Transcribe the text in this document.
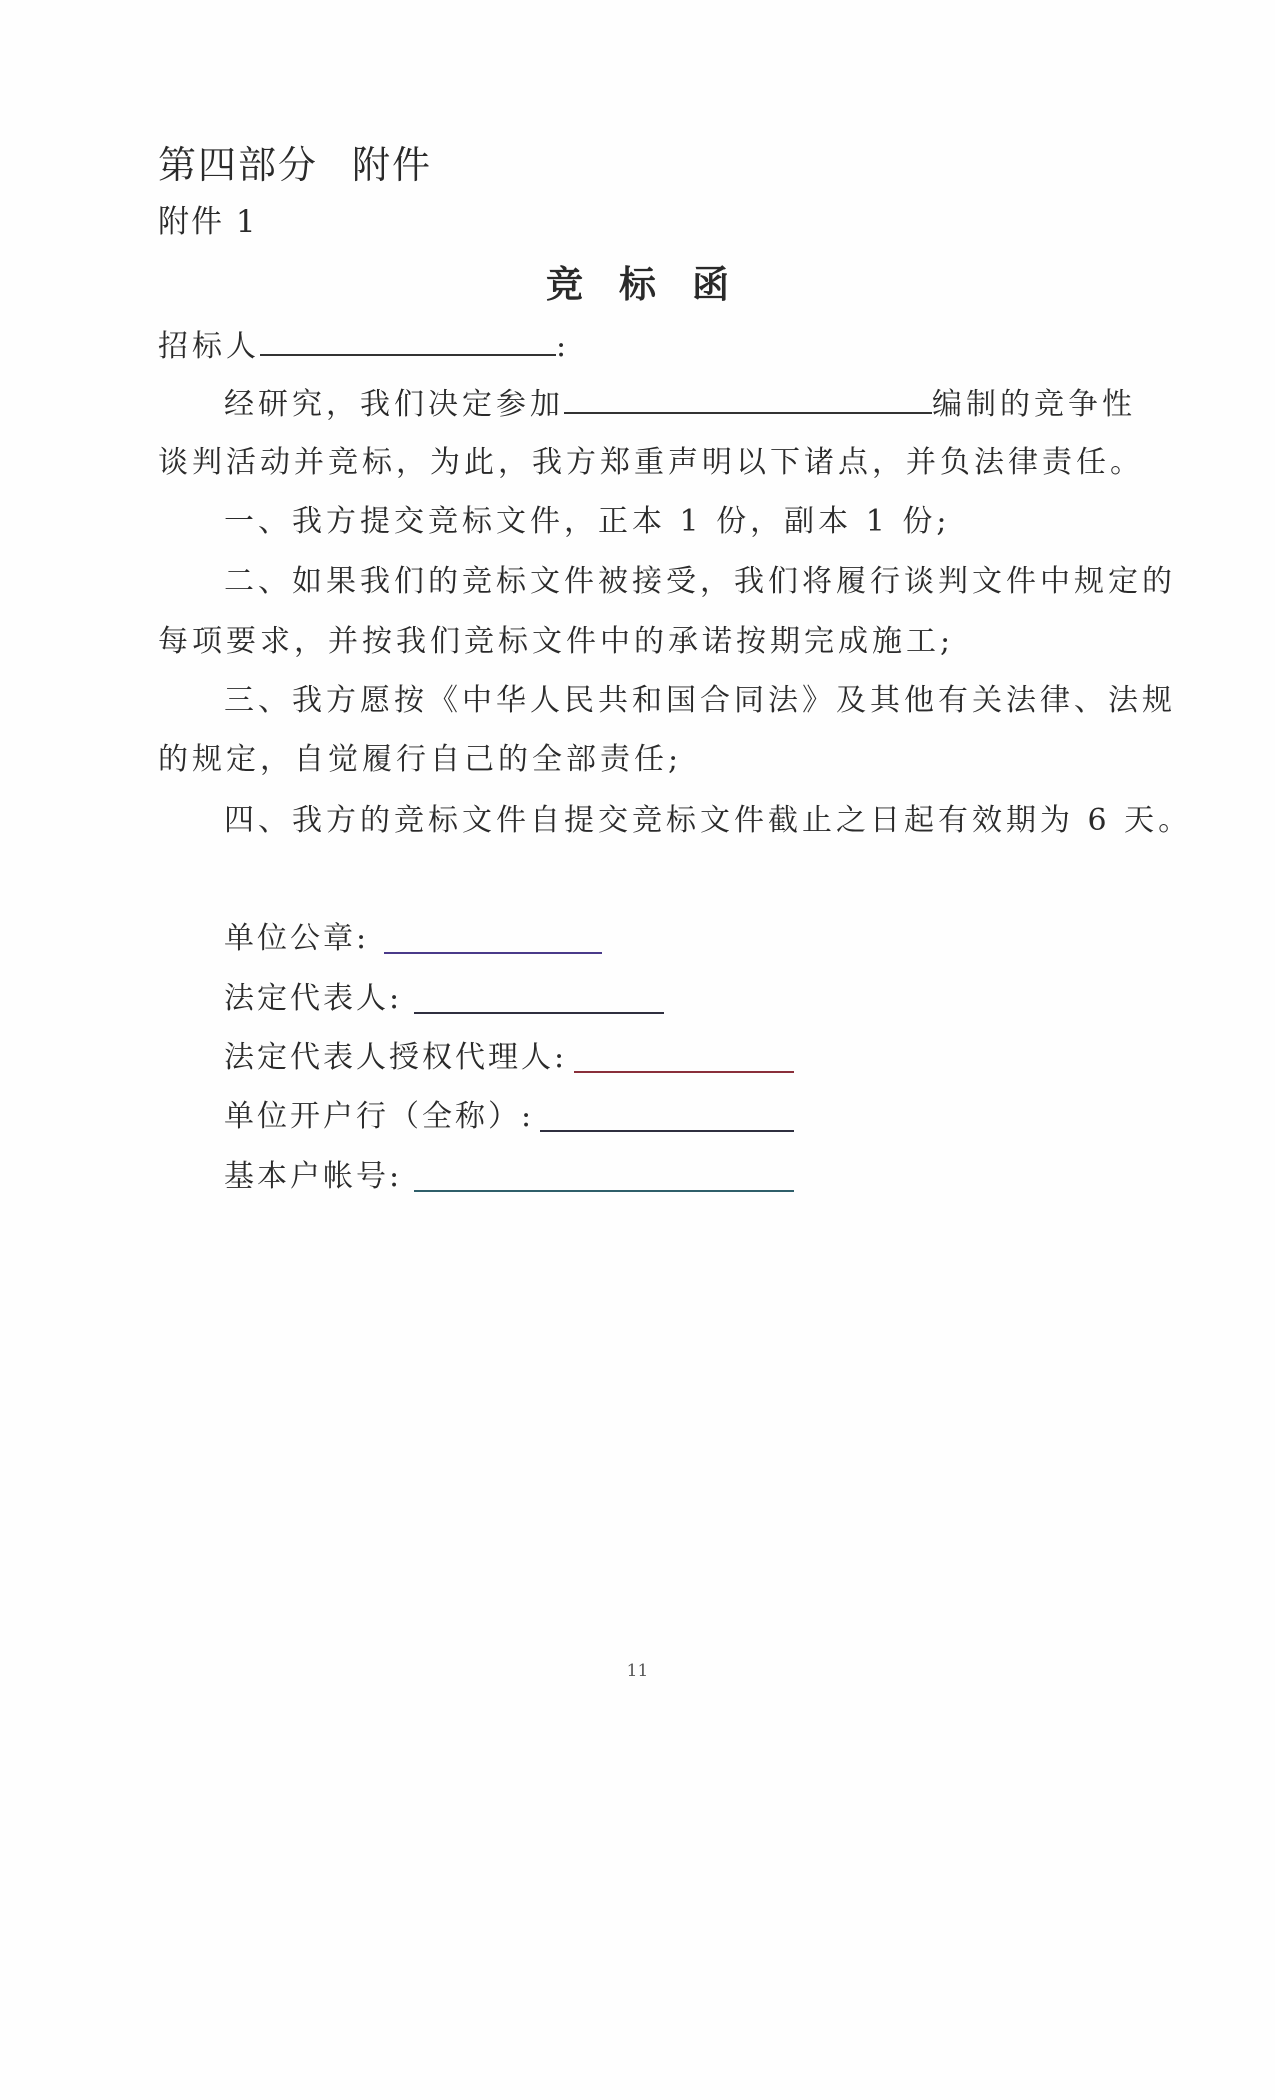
第四部分 附件
附件 1
竞标函
招标人	:
经研究，我们决定参加	编制的竞争性
谈判活动并竞标，为此，我方郑重声明以下诸点，并负法律责任。
一、我方提交竞标文件，正本 1 份，副本 1 份;
二、如果我们的竞标文件被接受，我们将履行谈判文件中规定的
每项要求，并按我们竞标文件中的承诺按期完成施工;
三、我方愿按《中华人民共和国合同法》及其他有关法律、法规
的规定，自觉履行自己的全部责任;
四、我方的竞标文件自提交竞标文件截止之日起有效期为 6 天。
单位公章:
法定代表人:
法定代表人授权代理人:
单位开户行（全称）:
基本户帐号:
11
